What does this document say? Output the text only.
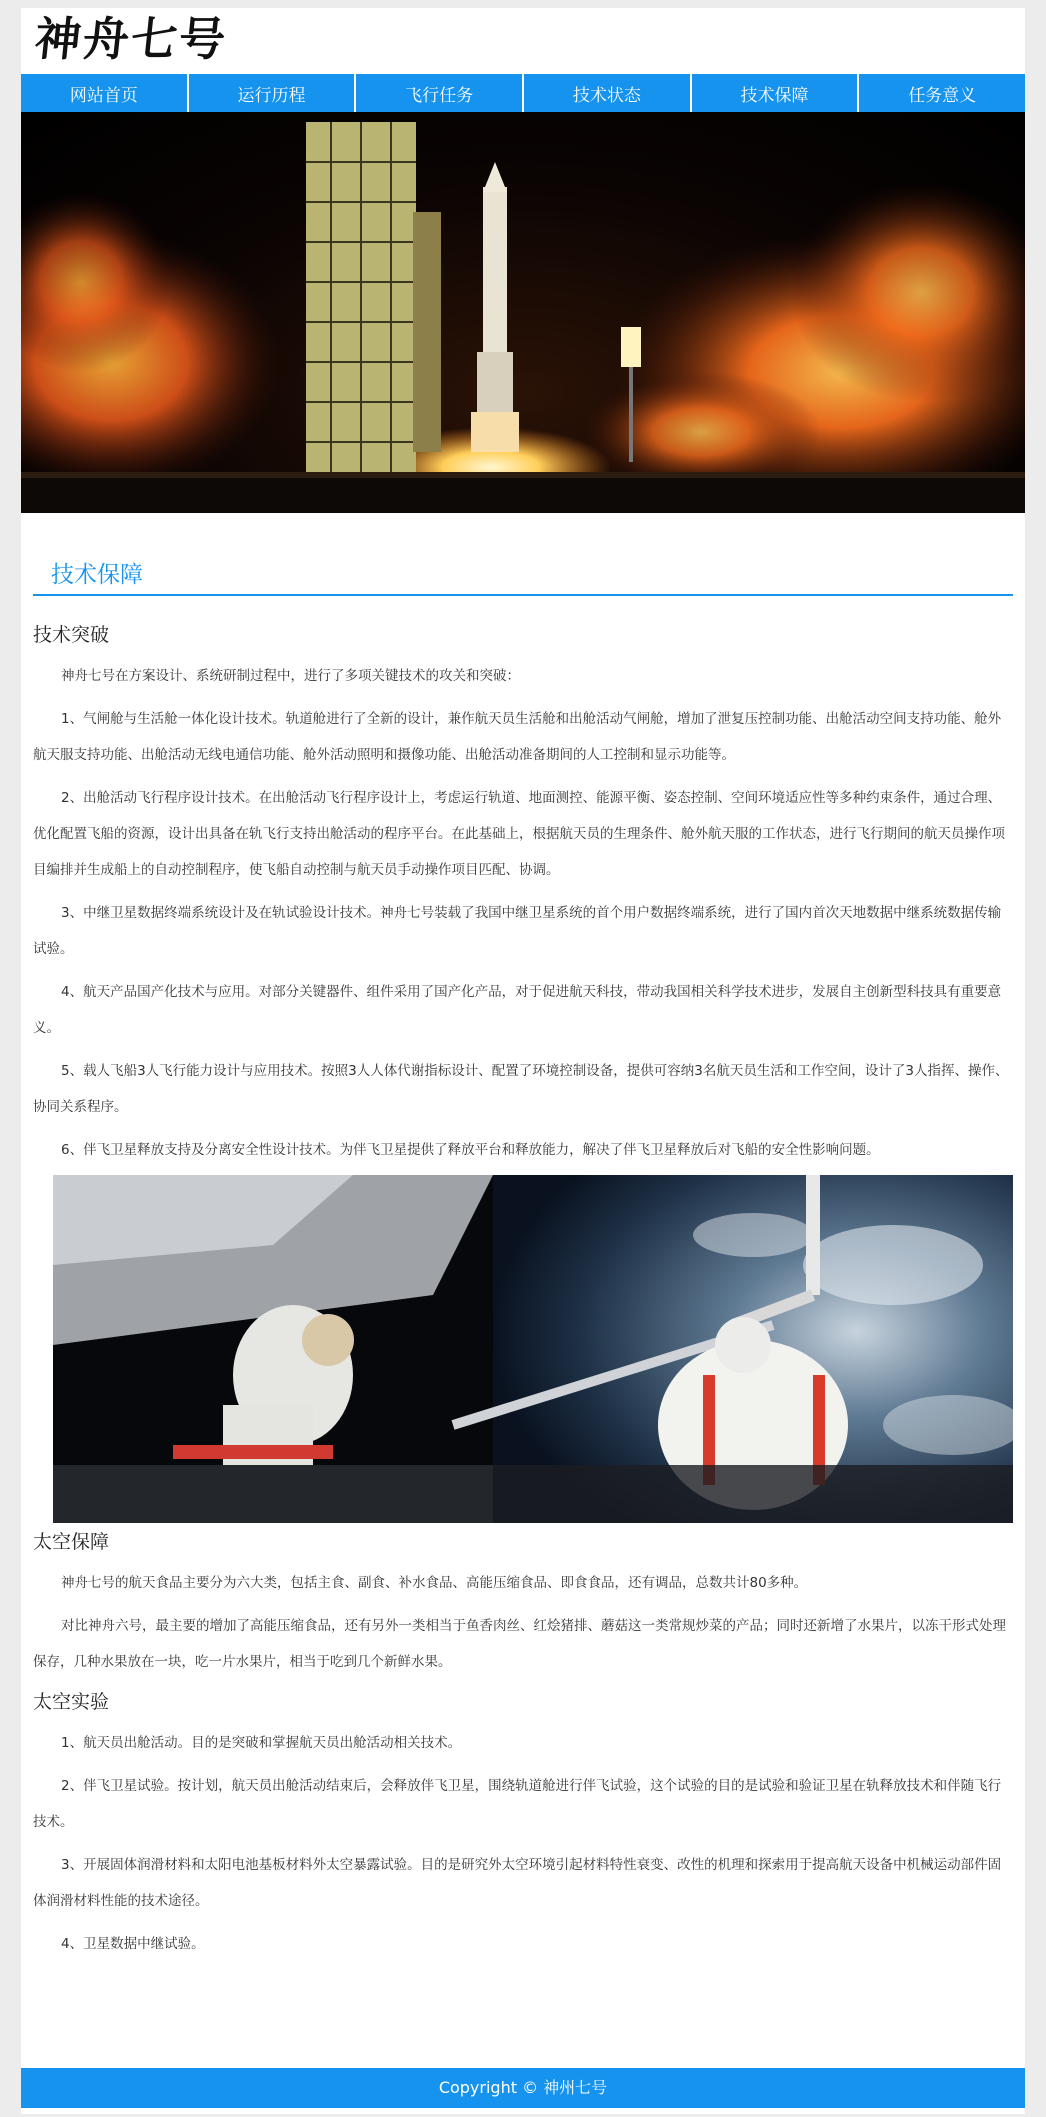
神舟七号
网站首页	运行历程	飞行任务	技术状态	技术保障	任务意义
技术保障
技术突破

神舟七号在方案设计、系统研制过程中，进行了多项关键技术的攻关和突破：

1、气闸舱与生活舱一体化设计技术。轨道舱进行了全新的设计，兼作航天员生活舱和出舱活动气闸舱，增加了泄复压控制功能、出舱活动空间支持功能、舱外航天服支持功能、出舱活动无线电通信功能、舱外活动照明和摄像功能、出舱活动准备期间的人工控制和显示功能等。

2、出舱活动飞行程序设计技术。在出舱活动飞行程序设计上，考虑运行轨道、地面测控、能源平衡、姿态控制、空间环境适应性等多种约束条件，通过合理、优化配置飞船的资源，设计出具备在轨飞行支持出舱活动的程序平台。在此基础上，根据航天员的生理条件、舱外航天服的工作状态，进行飞行期间的航天员操作项目编排并生成船上的自动控制程序，使飞船自动控制与航天员手动操作项目匹配、协调。

3、中继卫星数据终端系统设计及在轨试验设计技术。神舟七号装载了我国中继卫星系统的首个用户数据终端系统，进行了国内首次天地数据中继系统数据传输试验。

4、航天产品国产化技术与应用。对部分关键器件、组件采用了国产化产品，对于促进航天科技，带动我国相关科学技术进步，发展自主创新型科技具有重要意义。

5、载人飞船3人飞行能力设计与应用技术。按照3人人体代谢指标设计、配置了环境控制设备，提供可容纳3名航天员生活和工作空间，设计了3人指挥、操作、协同关系程序。

6、伴飞卫星释放支持及分离安全性设计技术。为伴飞卫星提供了释放平台和释放能力，解决了伴飞卫星释放后对飞船的安全性影响问题。

太空保障

神舟七号的航天食品主要分为六大类，包括主食、副食、补水食品、高能压缩食品、即食食品，还有调品，总数共计80多种。

对比神舟六号，最主要的增加了高能压缩食品，还有另外一类相当于鱼香肉丝、红烩猪排、蘑菇这一类常规炒菜的产品；同时还新增了水果片，以冻干形式处理保存，几种水果放在一块，吃一片水果片，相当于吃到几个新鲜水果。

太空实验

1、航天员出舱活动。目的是突破和掌握航天员出舱活动相关技术。

2、伴飞卫星试验。按计划，航天员出舱活动结束后，会释放伴飞卫星，围绕轨道舱进行伴飞试验，这个试验的目的是试验和验证卫星在轨释放技术和伴随飞行技术。

3、开展固体润滑材料和太阳电池基板材料外太空暴露试验。目的是研究外太空环境引起材料特性衰变、改性的机理和探索用于提高航天设备中机械运动部件固体润滑材料性能的技术途径。

4、卫星数据中继试验。

Copyright © 神州七号
